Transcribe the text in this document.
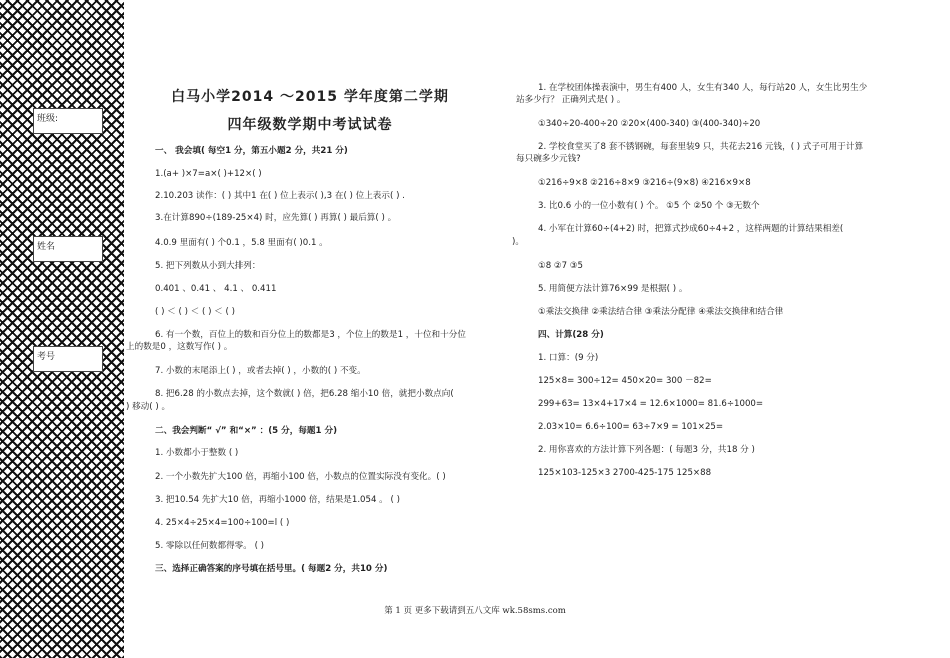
班级:
姓名
考号
白马小学2014 ～2015 学年度第二学期
四年级数学期中考试试卷
一、 我会填( 每空1 分，第五小题2 分，共21 分)
1.(a+ )×7=a×( )+12×( )
2.10.203 读作：( ) 其中1 在( ) 位上表示( ),3 在( ) 位上表示( ) .
3.在计算890÷(189-25×4) 时，应先算( ) 再算( ) 最后算( ) 。
4.0.9 里面有( ) 个0.1 ，5.8 里面有( )0.1 。
5. 把下列数从小到大排列：
0.401 、0.41 、 4.1 、 0.411
( ) ＜ ( ) ＜ ( ) ＜ ( )
6. 有一个数，百位上的数和百分位上的数都是3 ，个位上的数是1 ，十位和十分位
上的数是0 ，这数写作( ) 。
7. 小数的末尾添上( ) ，或者去掉( ) ，小数的( ) 不变。
8. 把6.28 的小数点去掉，这个数就( ) 倍，把6.28 缩小10 倍，就把小数点向(
) 移动( ) 。
二、我会判断“ √” 和“×” ：(5 分，每题1 分)
1. 小数都小于整数 ( )
2. 一个小数先扩大100 倍，再缩小100 倍，小数点的位置实际没有变化。( )
3. 把10.54 先扩大10 倍，再缩小1000 倍，结果是1.054 。 ( )
4. 25×4÷25×4=100÷100=l ( )
5. 零除以任何数都得零。 ( )
三、选择正确答案的序号填在括号里。( 每题2 分，共10 分)
1. 在学校团体操表演中，男生有400 人，女生有340 人，每行站20 人，女生比男生少
站多少行？ 正确列式是( ) 。
①340÷20-400÷20 ②20×(400-340) ③(400-340)÷20
2. 学校食堂买了8 套不锈钢碗，每套里装9 只，共花去216 元钱，( ) 式子可用于计算
每只碗多少元钱?
①216÷9×8 ②216÷8×9 ③216÷(9×8) ④216×9×8
3. 比0.6 小的一位小数有( ) 个。 ①5 个 ②50 个 ③无数个
4. 小军在计算60÷(4+2) 时，把算式抄成60÷4+2 ，这样两题的计算结果相差(
)。
①8 ②7 ③5
5. 用简便方法计算76×99 是根据( ) 。
①乘法交换律 ②乘法结合律 ③乘法分配律 ④乘法交换律和结合律
四、计算(28 分)
1. 口算：(9 分)
125×8= 300÷12= 450×20= 300 －82=
299+63= 13×4+17×4 = 12.6×1000= 81.6÷1000=
2.03×10= 6.6÷100= 63÷7×9 = 101×25=
2. 用你喜欢的方法计算下列各题：( 每题3 分，共18 分 )
125×103-125×3 2700-425-175 125×88
第 1 页 更多下载请到五八文库 wk.58sms.com
